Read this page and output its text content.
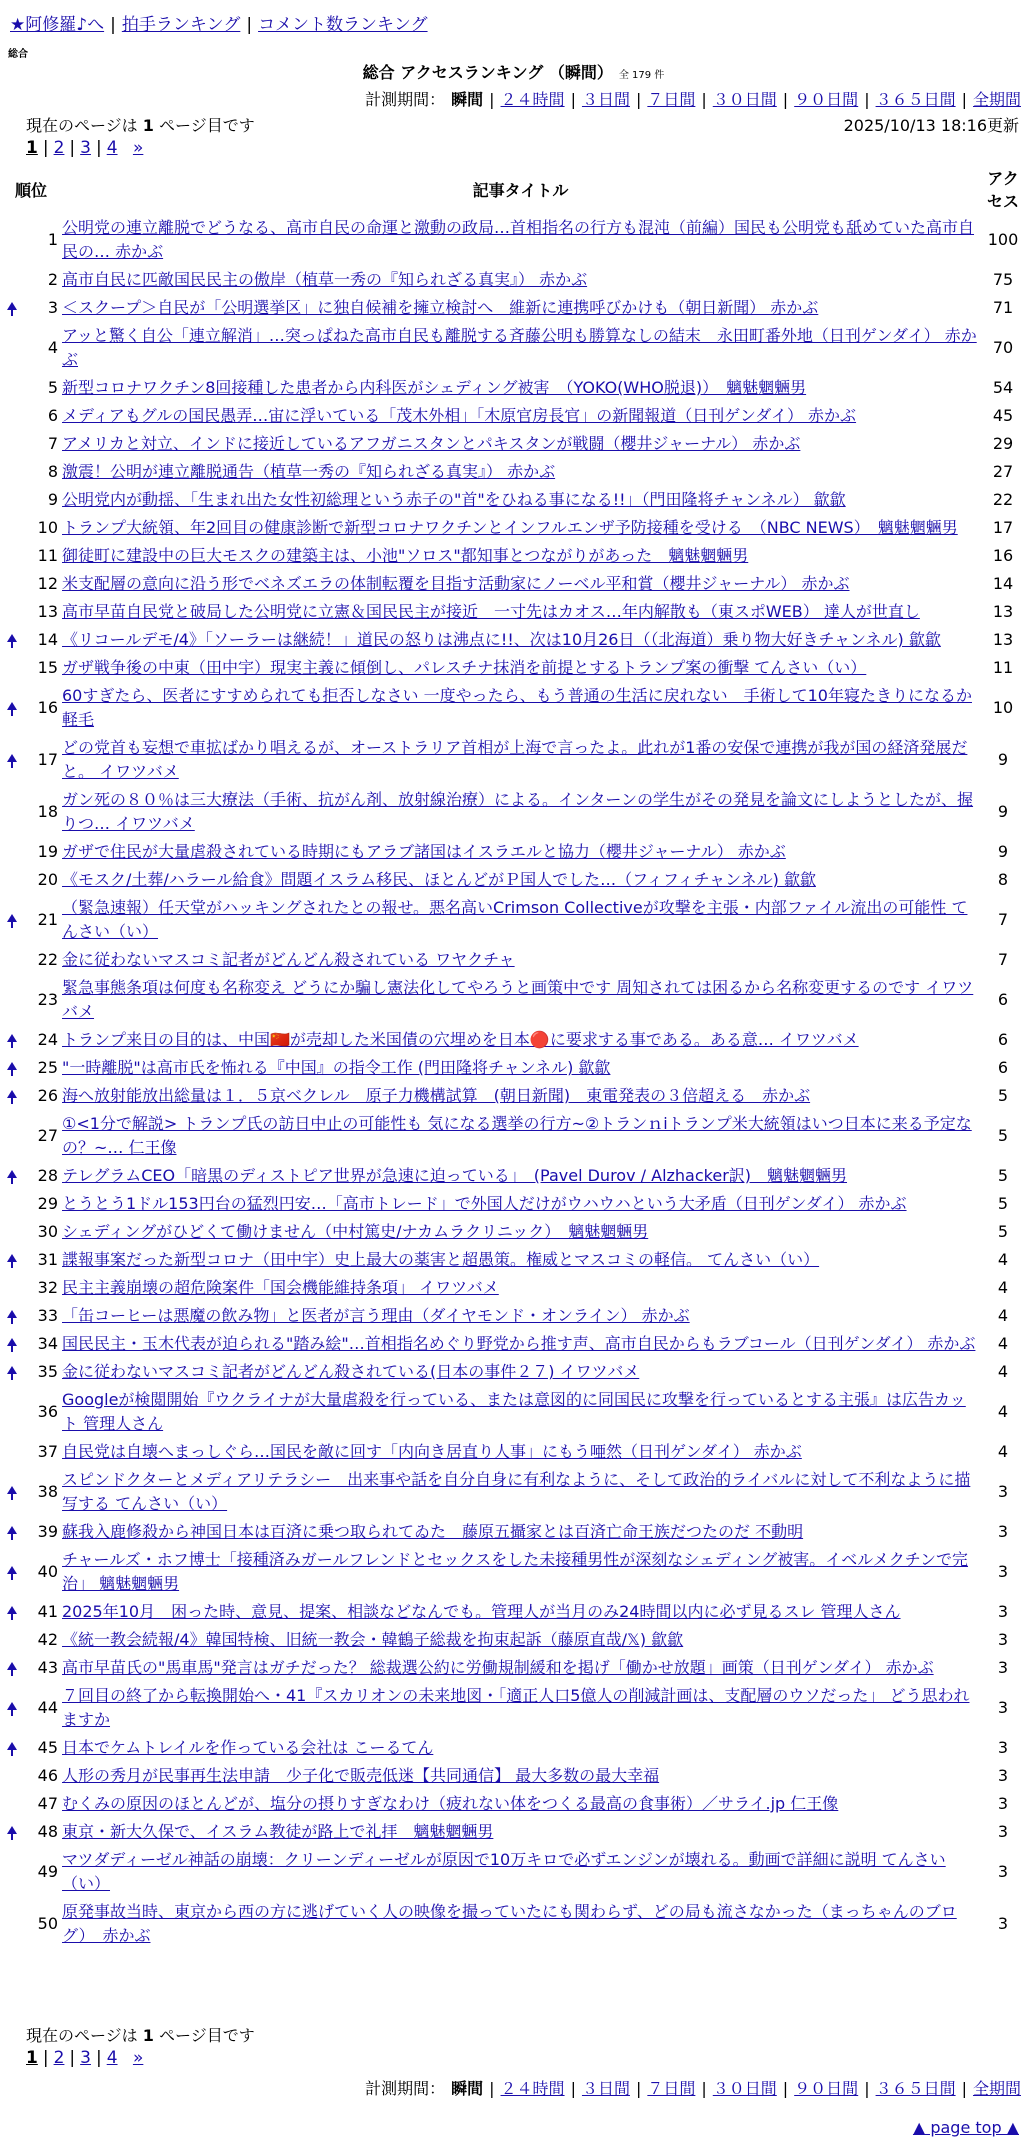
★阿修羅♪へ | 拍手ランキング | コメント数ランキング
総合
総合 アクセスランキング （瞬間） 全 179 件
計測期間： 瞬間 | ２４時間 | ３日間 | ７日間 | ３０日間 | ９０日間 | ３６５日間 | 全期間
現在のページは 1 ページ目です	2025/10/13 18:16更新
1 | 2 | 3 | 4 »
順位		記事タイトル	アクセス
	1	公明党の連立離脱でどうなる、高市自民の命運と激動の政局…首相指名の行方も混沌（前編）国民も公明党も舐めていた高市自民の… 赤かぶ	100
	2	高市自民に匹敵国民民主の傲岸（植草一秀の『知られざる真実』） 赤かぶ	75
	3	＜スクープ＞自民が「公明選挙区」に独自候補を擁立検討へ　維新に連携呼びかけも（朝日新聞） 赤かぶ	71
	4	アッと驚く自公「連立解消」…突っぱねた高市自民も離脱する斉藤公明も勝算なしの結末　永田町番外地（日刊ゲンダイ） 赤かぶ	70
	5	新型コロナワクチン8回接種した患者から内科医がシェディング被害　（YOKO(WHO脱退)）　魑魅魍魎男	54
	6	メディアもグルの国民愚弄…宙に浮いている「茂木外相」「木原官房長官」の新聞報道（日刊ゲンダイ） 赤かぶ	45
	7	アメリカと対立、インドに接近しているアフガニスタンとパキスタンが戦闘（櫻井ジャーナル） 赤かぶ	29
	8	激震！公明が連立離脱通告（植草一秀の『知られざる真実』） 赤かぶ	27
	9	公明党内が動揺、「生まれ出た女性初総理という赤子の"首"をひねる事になる!!」（門田隆将チャンネル） 歙歙	22
	10	トランプ大統領、年2回目の健康診断で新型コロナワクチンとインフルエンザ予防接種を受ける　（NBC NEWS）　魑魅魍魎男	17
	11	御徒町に建設中の巨大モスクの建築主は、小池"ソロス"都知事とつながりがあった　魑魅魍魎男	16
	12	米支配層の意向に沿う形でベネズエラの体制転覆を目指す活動家にノーベル平和賞（櫻井ジャーナル） 赤かぶ	14
	13	高市早苗自民党と破局した公明党に立憲＆国民民主が接近　一寸先はカオス…年内解散も（東スポWEB） 達人が世直し	13
	14	《リコールデモ/4》「ソーラーは継続！」道民の怒りは沸点に!!、次は10月26日（（北海道）乗り物大好きチャンネル) 歙歙	13
	15	ガザ戦争後の中東（田中宇）現実主義に傾倒し、パレスチナ抹消を前提とするトランプ案の衝撃 てんさい（い）	11
	16	60すぎたら、医者にすすめられても拒否しなさい 一度やったら、もう普通の生活に戻れない　手術して10年寝たきりになるか軽毛	10
	17	どの党首も妄想で車拡ばかり唱えるが、オーストラリア首相が上海で言ったよ。此れが1番の安保で連携が我が国の経済発展だと。 イワツバメ	9
	18	ガン死の８０％は三大療法（手術、抗がん剤、放射線治療）による。インターンの学生がその発見を論文にしようとしたが、握りつ… イワツバメ	9
	19	ガザで住民が大量虐殺されている時期にもアラブ諸国はイスラエルと協力（櫻井ジャーナル） 赤かぶ	9
	20	《モスク/土葬/ハラール給食》問題イスラム移民、ほとんどがＰ国人でした…（フィフィチャンネル) 歙歙	8
	21	（緊急速報）任天堂がハッキングされたとの報せ。悪名高いCrimson Collectiveが攻撃を主張・内部ファイル流出の可能性 てんさい（い）	7
	22	金に従わないマスコミ記者がどんどん殺されている ワヤクチャ	7
	23	緊急事態条項は何度も名称変え どうにか騙し憲法化してやろうと画策中です 周知されては困るから名称変更するのです イワツバメ	6
	24	トランプ来日の目的は、中国🇨🇳が売却した米国債の穴埋めを日本🔴に要求する事である。ある意… イワツバメ	6
	25	"一時離脱"は高市氏を怖れる『中国』の指令工作 (門田隆将チャンネル) 歙歙	6
	26	海へ放射能放出総量は１．５京ベクレル　原子力機構試算　(朝日新聞)　東電発表の３倍超える　赤かぶ	5
	27	①<1分で解説> トランプ氏の訪日中止の可能性も 気になる選挙の行方~②トランｎiトランプ米大統領はいつ日本に来る予定なの？~… 仁王像	5
	28	テレグラムCEO「暗黒のディストピア世界が急速に迫っている」　(Pavel Durov / Alzhacker訳)　魑魅魍魎男	5
	29	とうとう1ドル153円台の猛烈円安…「高市トレード」で外国人だけがウハウハという大矛盾（日刊ゲンダイ） 赤かぶ	5
	30	シェディングがひどくて働けません（中村篤史/ナカムラクリニック）　魑魅魍魎男	5
	31	諜報事案だった新型コロナ（田中宇）史上最大の薬害と超愚策。権威とマスコミの軽信。 てんさい（い）	4
	32	民主主義崩壊の超危険案件「国会機能維持条項」 イワツバメ	4
	33	「缶コーヒーは悪魔の飲み物」と医者が言う理由（ダイヤモンド・オンライン） 赤かぶ	4
	34	国民民主・玉木代表が迫られる"踏み絵"…首相指名めぐり野党から推す声、高市自民からもラブコール（日刊ゲンダイ） 赤かぶ	4
	35	金に従わないマスコミ記者がどんどん殺されている(日本の事件２７) イワツバメ	4
	36	Googleが検閲開始『ウクライナが大量虐殺を行っている、または意図的に同国民に攻撃を行っているとする主張』は広告カット 管理人さん	4
	37	自民党は自壊へまっしぐら…国民を敵に回す「内向き居直り人事」にもう唖然（日刊ゲンダイ） 赤かぶ	4
	38	スピンドクターとメディアリテラシー　出来事や話を自分自身に有利なように、そして政治的ライバルに対して不利なように描写する てんさい（い）	3
	39	蘇我入鹿修殺から神国日本は百済に乗つ取られてゐた　藤原五攝家とは百済亡命王族だつたのだ 不動明	3
	40	チャールズ・ホフ博士「接種済みガールフレンドとセックスをした未接種男性が深刻なシェディング被害。イベルメクチンで完治」 魑魅魍魎男	3
	41	2025年10月　困った時、意見、提案、相談などなんでも。管理人が当月のみ24時間以内に必ず見るスレ 管理人さん	3
	42	《統一教会続報/4》韓国特検、旧統一教会・韓鶴子総裁を拘束起訴（藤原直哉/𝕏) 歙歙	3
	43	高市早苗氏の"馬車馬"発言はガチだった？ 総裁選公約に労働規制緩和を掲げ「働かせ放題」画策（日刊ゲンダイ） 赤かぶ	3
	44	７回目の終了から転換開始へ・41『スカリオンの未来地図・「適正人口5億人の削減計画は、支配層のウソだった」 どう思われますか	3
	45	日本でケムトレイルを作っている会社は こーるてん	3
	46	人形の秀月が民事再生法申請　少子化で販売低迷【共同通信】 最大多数の最大幸福	3
	47	むくみの原因のほとんどが、塩分の摂りすぎなわけ（疲れない体をつくる最高の食事術）／サライ.jp 仁王像	3
	48	東京・新大久保で、イスラム教徒が路上で礼拝　魑魅魍魎男	3
	49	マツダディーゼル神話の崩壊：クリーンディーゼルが原因で10万キロで必ずエンジンが壊れる。動画で詳細に説明 てんさい（い）	3
	50	原発事故当時、東京から西の方に逃げていく人の映像を撮っていたにも関わらず、どの局も流さなかった（まっちゃんのブログ）　赤かぶ	3
現在のページは 1 ページ目です
1 | 2 | 3 | 4 »
計測期間： 瞬間 | ２４時間 | ３日間 | ７日間 | ３０日間 | ９０日間 | ３６５日間 | 全期間
▲ page top ▲
